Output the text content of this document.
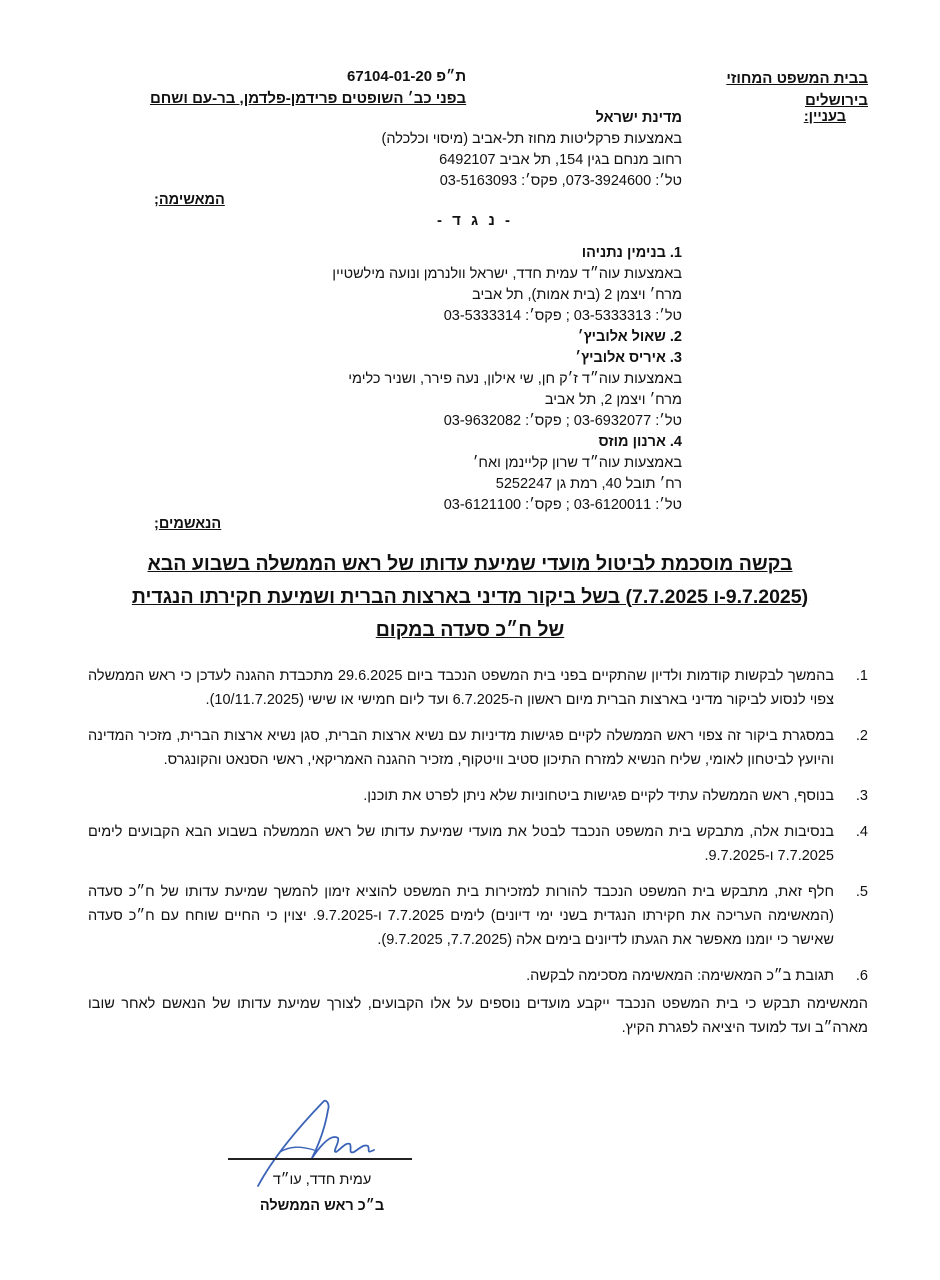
בבית המשפט המחוזי
בירושלים
ת״פ 67104-01-20
בפני כב׳ השופטים פרידמן-פלדמן, בר-עם ושחם
בעניין:
מדינת ישראל
באמצעות פרקליטות מחוז תל-אביב (מיסוי וכלכלה)
רחוב מנחם בגין 154, תל אביב 6492107
טל׳: 073-3924600, פקס׳: 03-5163093
המאשימה;
- נ ג ד -
1. בנימין נתניהו
באמצעות עוה״ד עמית חדד, ישראל וולנרמן ונועה מילשטיין
מרח׳ ויצמן 2 (בית אמות), תל אביב
טל׳: 03-5333313 ; פקס׳: 03-5333314
2. שאול אלוביץ׳
3. איריס אלוביץ׳
באמצעות עוה״ד ז׳ק חן, שי אילון, נעה פירר, ושניר כלימי
מרח׳ ויצמן 2, תל אביב
טל׳: 03-6932077 ; פקס׳: 03-9632082
4. ארנון מוזס
באמצעות עוה״ד שרון קליינמן ואח׳
רח׳ תובל 40, רמת גן 5252247
טל׳: 03-6120011 ; פקס׳: 03-6121100
הנאשמים;
בקשה מוסכמת לביטול מועדי שמיעת עדותו של ראש הממשלה בשבוע הבא
(9.7.2025-ו 7.7.2025) בשל ביקור מדיני בארצות הברית ושמיעת חקירתו הנגדית
של ח״כ סעדה במקום
1.
בהמשך לבקשות קודמות ולדיון שהתקיים בפני בית המשפט הנכבד ביום 29.6.2025 מתכבדת ההגנה לעדכן כי ראש הממשלה צפוי לנסוע לביקור מדיני בארצות הברית מיום ראשון ה-6.7.2025 ועד ליום חמישי או שישי (10/11.7.2025).
2.
במסגרת ביקור זה צפוי ראש הממשלה לקיים פגישות מדיניות עם נשיא ארצות הברית, סגן נשיא ארצות הברית, מזכיר המדינה והיועץ לביטחון לאומי, שליח הנשיא למזרח התיכון סטיב וויטקוף, מזכיר ההגנה האמריקאי, ראשי הסנאט והקונגרס.
3.
בנוסף, ראש הממשלה עתיד לקיים פגישות ביטחוניות שלא ניתן לפרט את תוכנן.
4.
בנסיבות אלה, מתבקש בית המשפט הנכבד לבטל את מועדי שמיעת עדותו של ראש הממשלה בשבוע הבא הקבועים לימים 7.7.2025 ו-9.7.2025.
5.
חלף זאת, מתבקש בית המשפט הנכבד להורות למזכירות בית המשפט להוציא זימון להמשך שמיעת עדותו של ח״כ סעדה (המאשימה העריכה את חקירתו הנגדית בשני ימי דיונים) לימים 7.7.2025 ו-9.7.2025. יצוין כי החיים שוחח עם ח״כ סעדה שאישר כי יומנו מאפשר את הגעתו לדיונים בימים אלה (7.7.2025, 9.7.2025).
6.
תגובת ב״כ המאשימה: המאשימה מסכימה לבקשה.
המאשימה תבקש כי בית המשפט הנכבד ייקבע מועדים נוספים על אלו הקבועים, לצורך שמיעת עדותו של הנאשם לאחר שובו מארה״ב ועד למועד היציאה לפגרת הקיץ.
עמית חדד, עו״ד
ב״כ ראש הממשלה
